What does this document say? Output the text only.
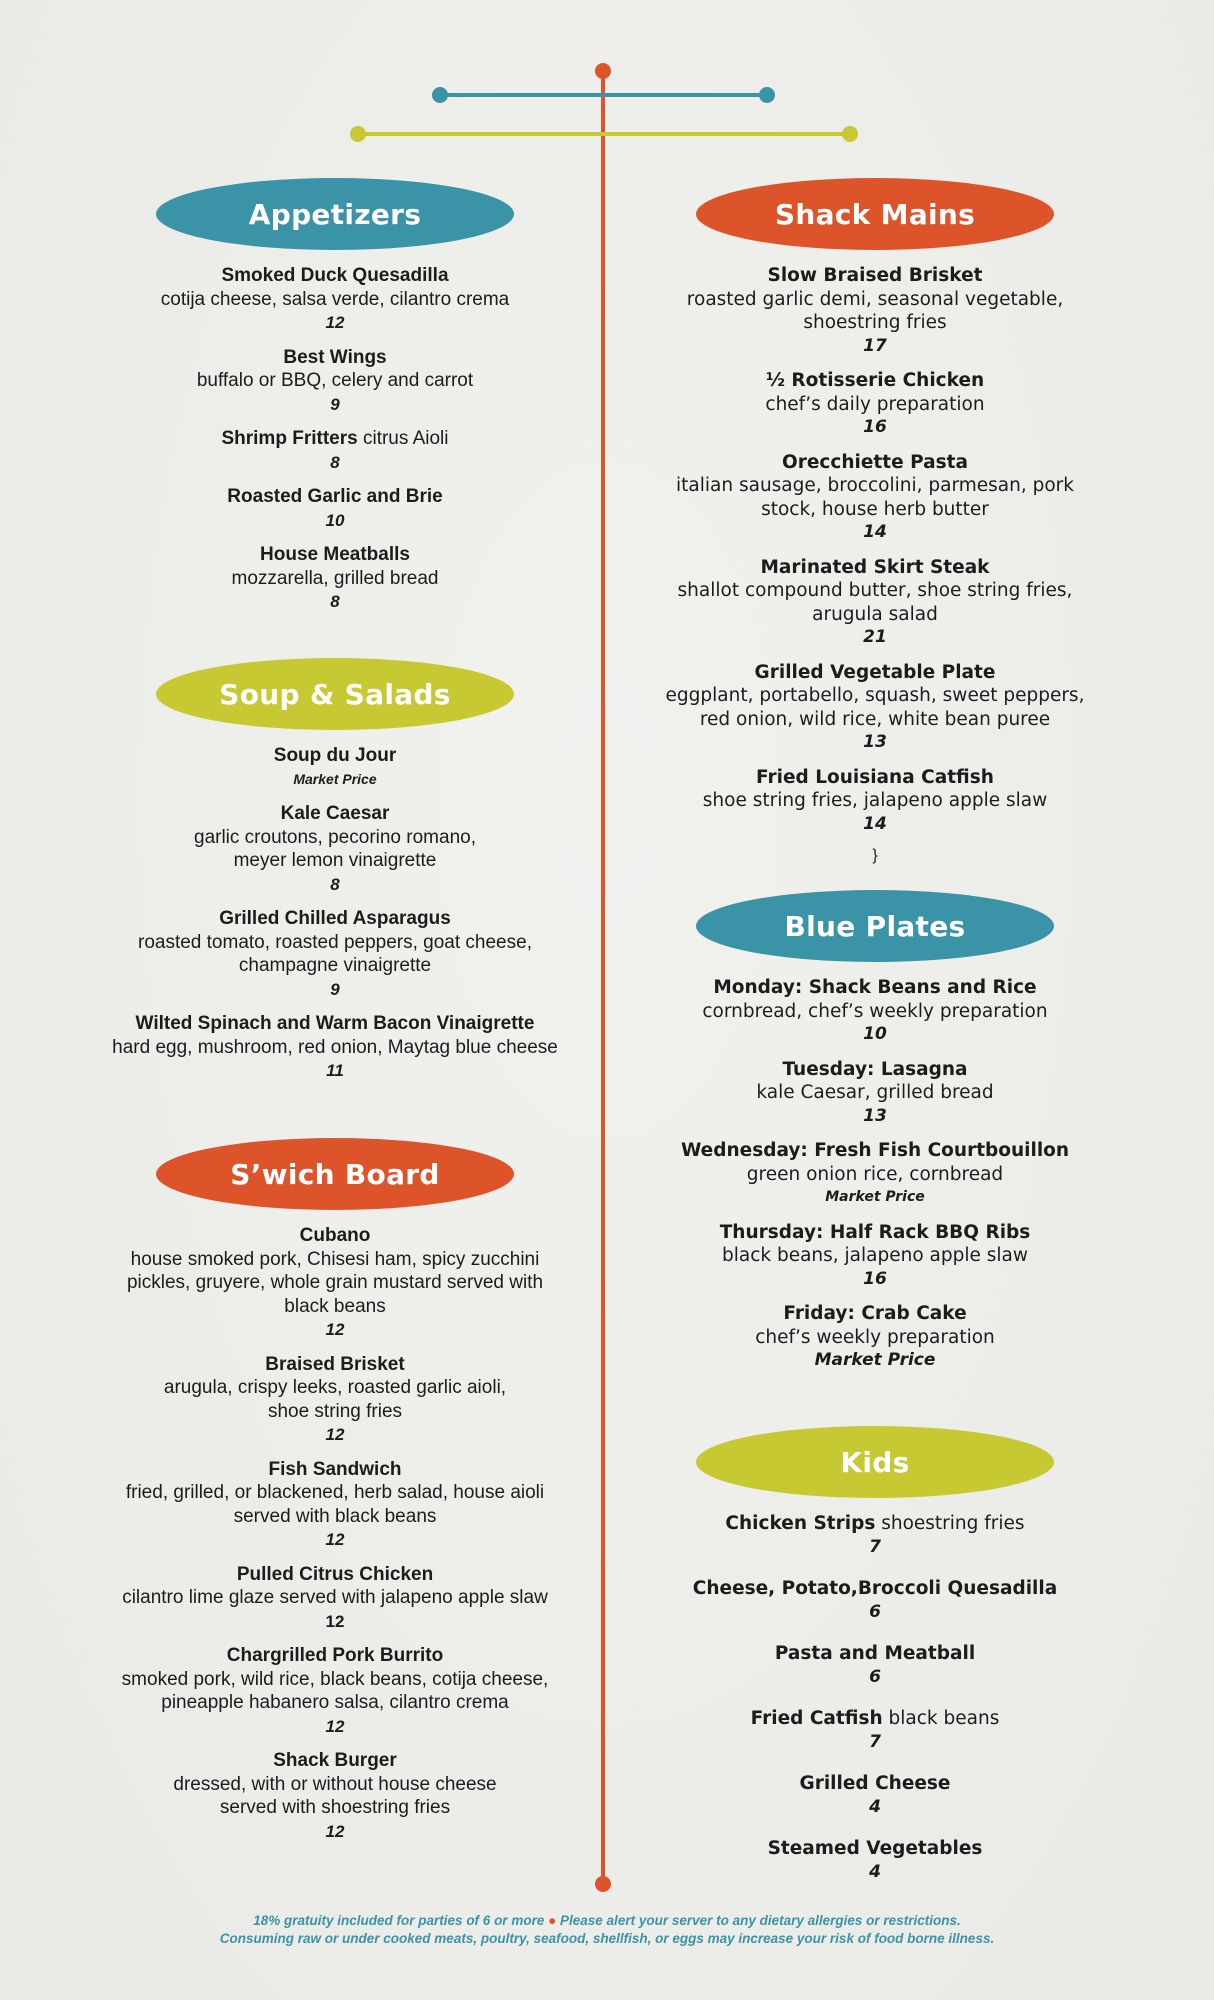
Appetizers
Smoked Duck Quesadilla
cotija cheese, salsa verde, cilantro crema
12
Best Wings
buffalo or BBQ, celery and carrot
9
Shrimp Fritters citrus Aioli
8
Roasted Garlic and Brie
10
House Meatballs
mozzarella, grilled bread
8
Soup & Salads
Soup du Jour
Market Price
Kale Caesar
garlic croutons, pecorino romano,
meyer lemon vinaigrette
8
Grilled Chilled Asparagus
roasted tomato, roasted peppers, goat cheese,
champagne vinaigrette
9
Wilted Spinach and Warm Bacon Vinaigrette
hard egg, mushroom, red onion, Maytag blue cheese
11
S’wich Board
Cubano
house smoked pork, Chisesi ham, spicy zucchini
pickles, gruyere, whole grain mustard served with
black beans
12
Braised Brisket
arugula, crispy leeks, roasted garlic aioli,
shoe string fries
12
Fish Sandwich
fried, grilled, or blackened, herb salad, house aioli
served with black beans
12
Pulled Citrus Chicken
cilantro lime glaze served with jalapeno apple slaw
12
Chargrilled Pork Burrito
smoked pork, wild rice, black beans, cotija cheese,
pineapple habanero salsa, cilantro crema
12
Shack Burger
dressed, with or without house cheese
served with shoestring fries
12
Shack Mains
Slow Braised Brisket
roasted garlic demi, seasonal vegetable,
shoestring fries
17
½ Rotisserie Chicken
chef’s daily preparation
16
Orecchiette Pasta
italian sausage, broccolini, parmesan, pork
stock, house herb butter
14
Marinated Skirt Steak
shallot compound butter, shoe string fries,
arugula salad
21
Grilled Vegetable Plate
eggplant, portabello, squash, sweet peppers,
red onion, wild rice, white bean puree
13
Fried Louisiana Catfish
shoe string fries, jalapeno apple slaw
14
}
Blue Plates
Monday: Shack Beans and Rice
cornbread, chef’s weekly preparation
10
Tuesday: Lasagna
kale Caesar, grilled bread
13
Wednesday: Fresh Fish Courtbouillon
green onion rice, cornbread
Market Price
Thursday: Half Rack BBQ Ribs
black beans, jalapeno apple slaw
16
Friday: Crab Cake
chef’s weekly preparation
Market Price
Kids
Chicken Strips shoestring fries
7
Cheese, Potato,Broccoli Quesadilla
6
Pasta and Meatball
6
Fried Catfish black beans
7
Grilled Cheese
4
Steamed Vegetables
4
18% gratuity included for parties of 6 or more ● Please alert your server to any dietary allergies or restrictions.
Consuming raw or under cooked meats, poultry, seafood, shellfish, or eggs may increase your risk of food borne illness.
